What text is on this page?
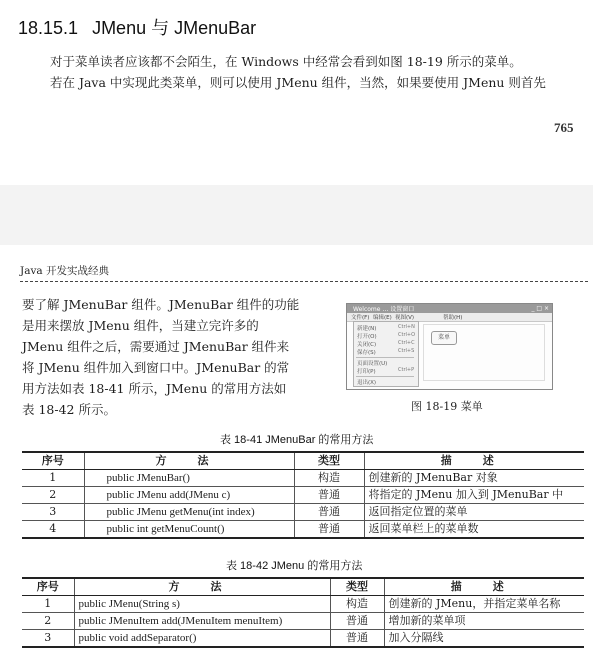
18.15.1 JMenu 与 JMenuBar
对于菜单读者应该都不会陌生，在 Windows 中经常会看到如图 18-19 所示的菜单。
若在 Java 中实现此类菜单，则可以使用 JMenu 组件，当然，如果要使用 JMenu 则首先
765
Java 开发实战经典
要了解 JMenuBar 组件。JMenuBar 组件的功能
是用来摆放 JMenu 组件，当建立完许多的
JMenu 组件之后，需要通过 JMenuBar 组件来
将 JMenu 组件加入到窗口中。JMenuBar 的常
用方法如表 18-41 所示，JMenu 的常用方法如
表 18-42 所示。
Welcome … 设置窗口	_ □ ×
文件(F) 编辑(E) 视图(V)	帮助(H)
新建(N)	Ctrl+N
打开(O)	Ctrl+O
关闭(C)	Ctrl+C
保存(S)	Ctrl+S
页面设置(U)
打印(P)	Ctrl+P
退出(X)
菜单
图 18-19 菜单
表 18-41 JMenuBar 的常用方法
序号	方 法	类型	描 述
1	public JMenuBar()	构造	创建新的 JMenuBar 对象
2	public JMenu add(JMenu c)	普通	将指定的 JMenu 加入到 JMenuBar 中
3	public JMenu getMenu(int index)	普通	返回指定位置的菜单
4	public int getMenuCount()	普通	返回菜单栏上的菜单数
表 18-42 JMenu 的常用方法
序号	方 法	类型	描 述
1	public JMenu(String s)	构造	创建新的 JMenu，并指定菜单名称
2	public JMenuItem add(JMenuItem menuItem)	普通	增加新的菜单项
3	public void addSeparator()	普通	加入分隔线
